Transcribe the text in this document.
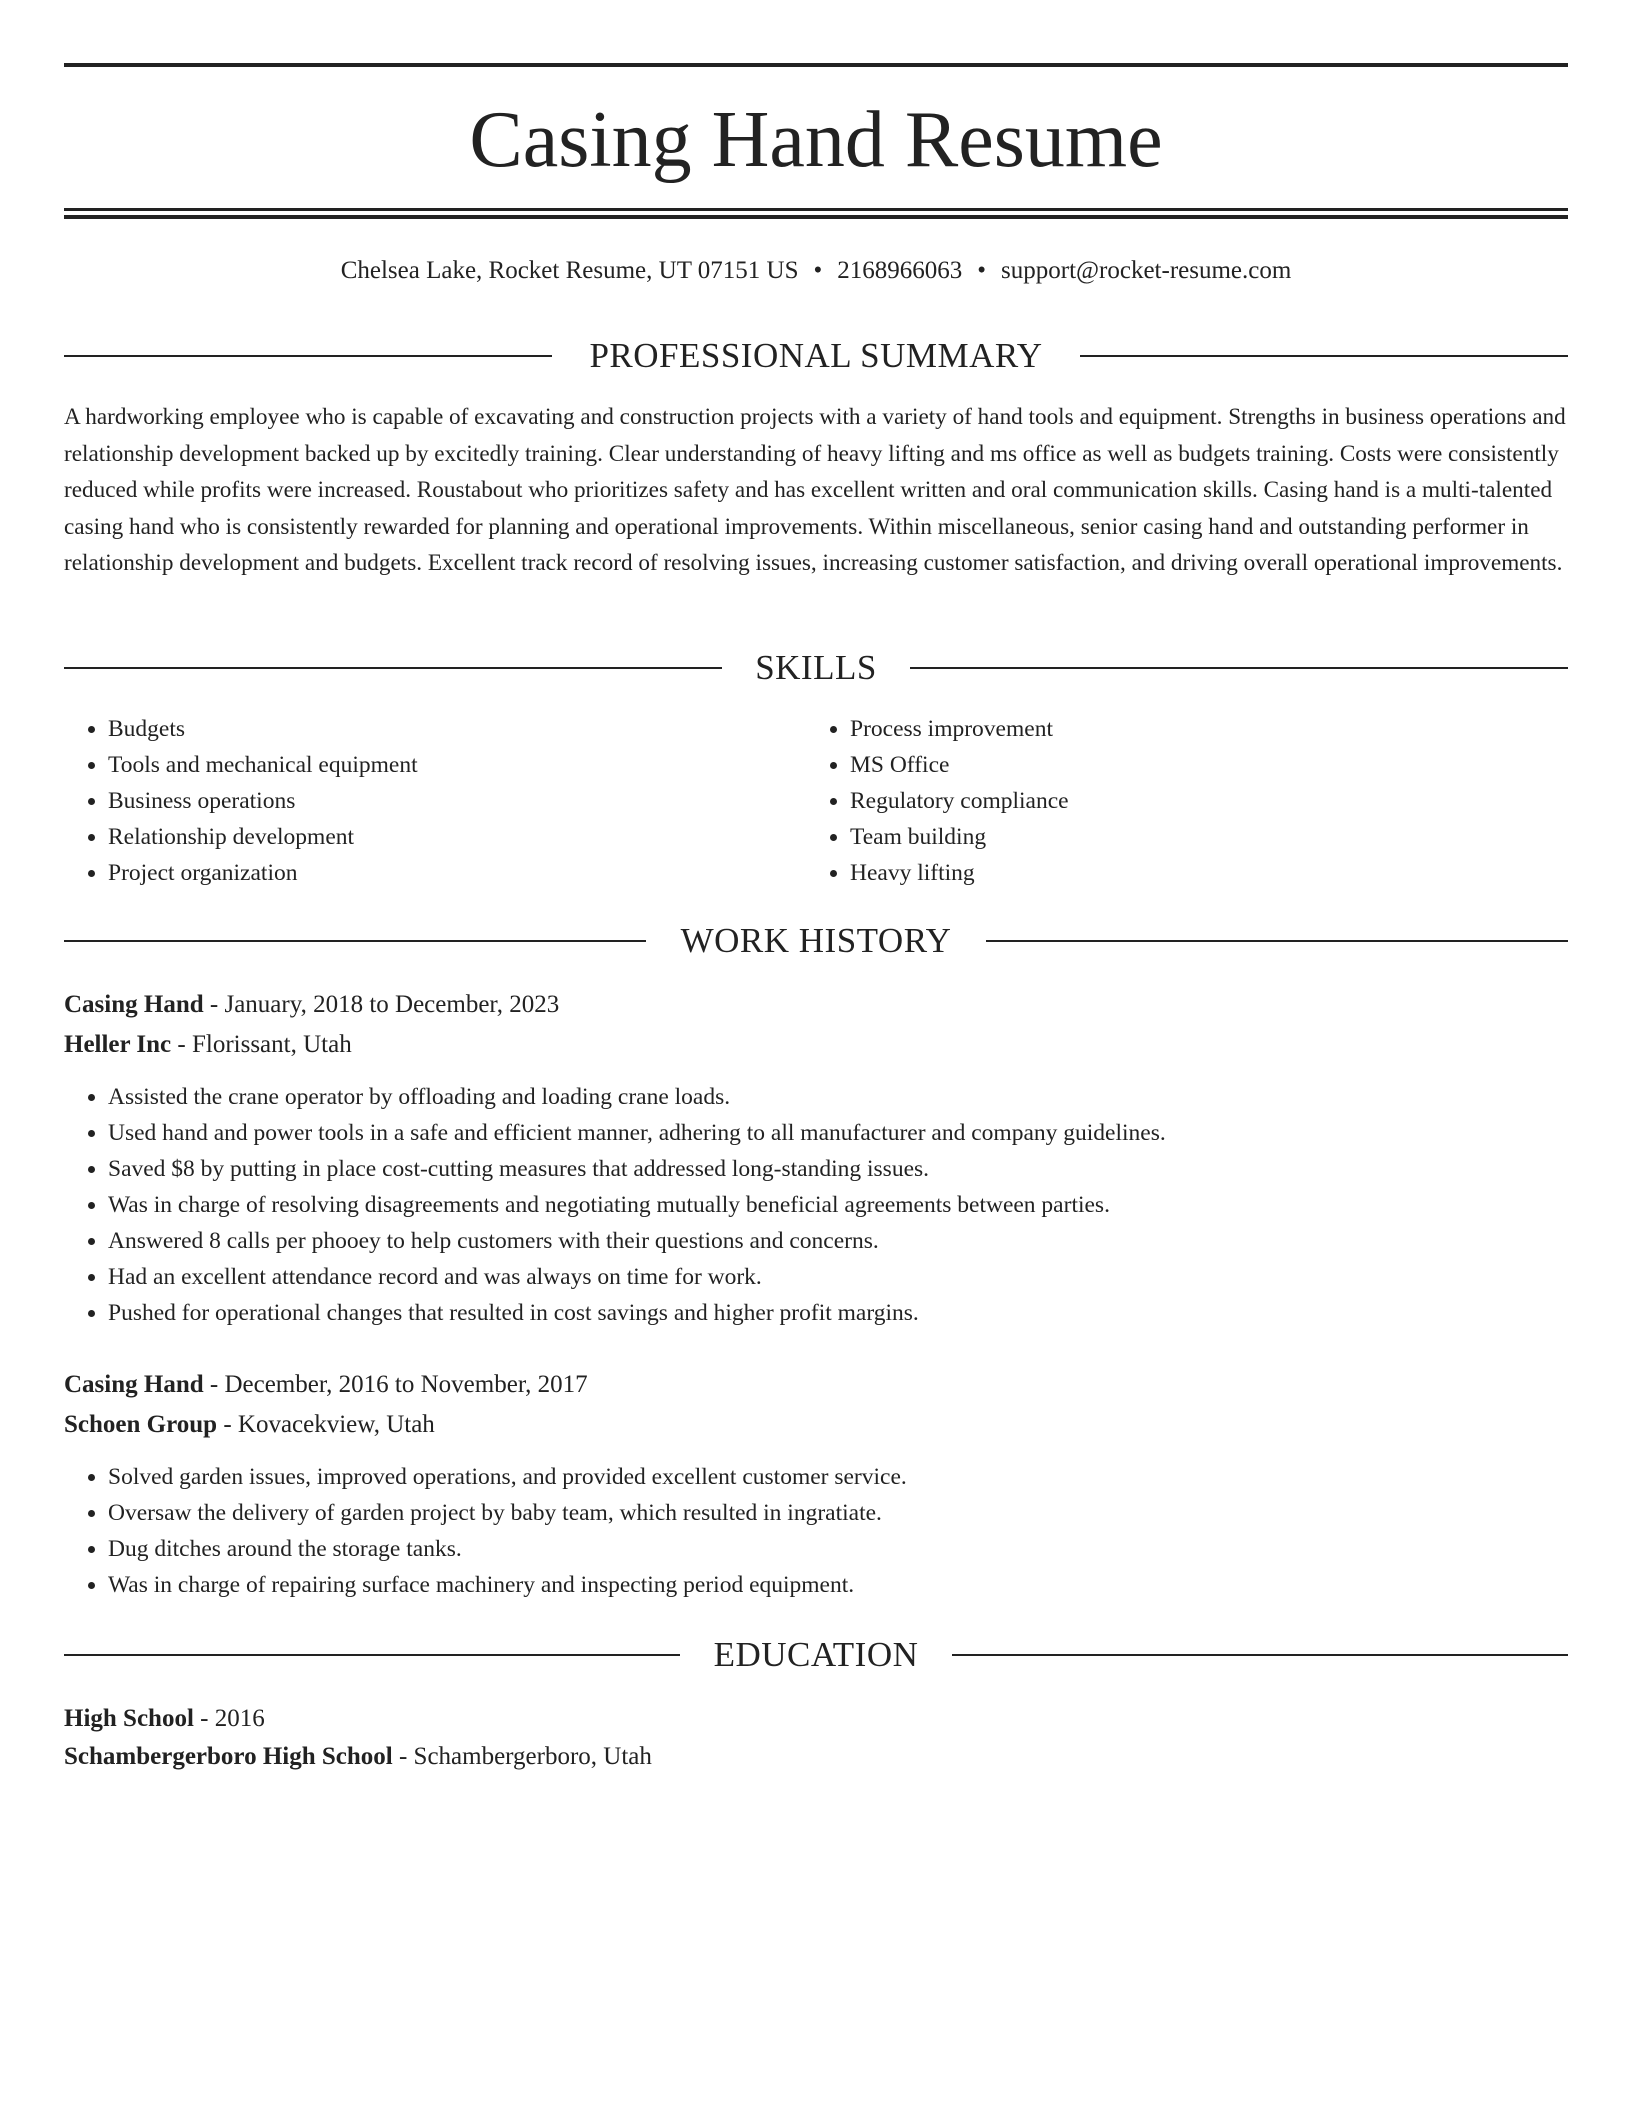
Casing Hand Resume
Chelsea Lake, Rocket Resume, UT 07151 US • 2168966063 • support@rocket-resume.com
PROFESSIONAL SUMMARY

A hardworking employee who is capable of excavating and construction projects with a variety of hand tools and equipment. Strengths in business operations and relationship development backed up by excitedly training. Clear understanding of heavy lifting and ms office as well as budgets training. Costs were consistently reduced while profits were increased. Roustabout who prioritizes safety and has excellent written and oral communication skills. Casing hand is a multi-talented casing hand who is consistently rewarded for planning and operational improvements. Within miscellaneous, senior casing hand and outstanding performer in relationship development and budgets. Excellent track record of resolving issues, increasing customer satisfaction, and driving overall operational improvements.

SKILLS
• Budgets
• Tools and mechanical equipment
• Business operations
• Relationship development
• Project organization
• Process improvement
• MS Office
• Regulatory compliance
• Team building
• Heavy lifting
WORK HISTORY
Casing Hand - January, 2018 to December, 2023
Heller Inc - Florissant, Utah
• Assisted the crane operator by offloading and loading crane loads.
• Used hand and power tools in a safe and efficient manner, adhering to all manufacturer and company guidelines.
• Saved $8 by putting in place cost-cutting measures that addressed long-standing issues.
• Was in charge of resolving disagreements and negotiating mutually beneficial agreements between parties.
• Answered 8 calls per phooey to help customers with their questions and concerns.
• Had an excellent attendance record and was always on time for work.
• Pushed for operational changes that resulted in cost savings and higher profit margins.
Casing Hand - December, 2016 to November, 2017
Schoen Group - Kovacekview, Utah
• Solved garden issues, improved operations, and provided excellent customer service.
• Oversaw the delivery of garden project by baby team, which resulted in ingratiate.
• Dug ditches around the storage tanks.
• Was in charge of repairing surface machinery and inspecting period equipment.
EDUCATION
High School - 2016
Schambergerboro High School - Schambergerboro, Utah
